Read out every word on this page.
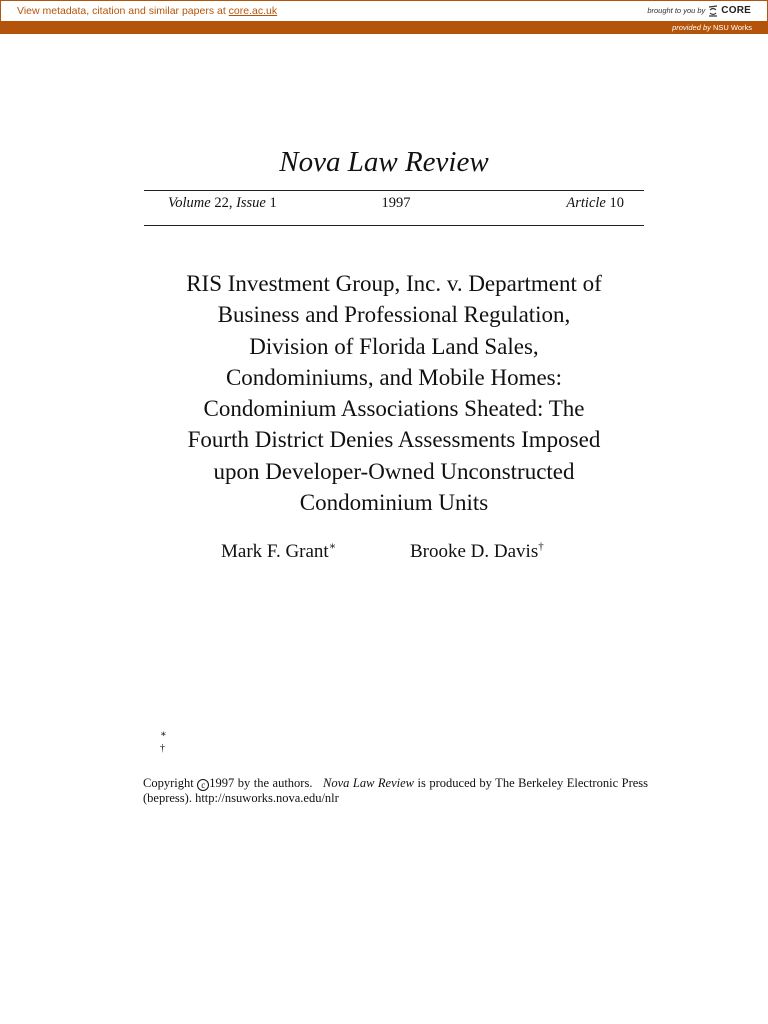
View metadata, citation and similar papers at core.ac.uk	brought to you by CORE
provided by NSU Works
Nova Law Review
Volume 22, Issue 1	1997	Article 10
RIS Investment Group, Inc. v. Department of
Business and Professional Regulation,
Division of Florida Land Sales,
Condominiums, and Mobile Homes:
Condominium Associations Sheated: The
Fourth District Denies Assessments Imposed
upon Developer-Owned Unconstructed
Condominium Units
Mark F. Grant∗	Brooke D. Davis†
∗
†
Copyright c 1997 by the authors. Nova Law Review is produced by The Berkeley Electronic Press (bepress). http://nsuworks.nova.edu/nlr
